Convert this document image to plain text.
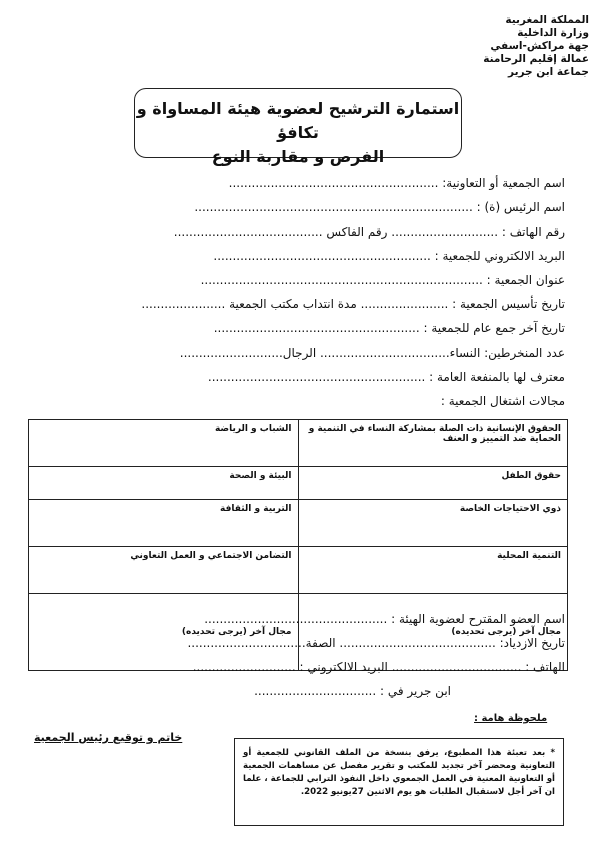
المملكة المغربية
وزارة الداخلية
جهة مراكش-اسفي
عمالة إقليم الرحامنة
جماعة ابن جرير
استمارة الترشيح لعضوية هيئة المساواة و تكافؤ
الفرص و مقاربة النوع
اسم الجمعية أو التعاونية: .......................................................
اسم الرئيس (ة) : .........................................................................
رقم الهاتف : ............................ رقم الفاكس .......................................
البريد الالكتروني للجمعية : .........................................................
عنوان الجمعية : ..........................................................................
تاريخ تأسيس الجمعية : ....................... مدة انتداب مكتب الجمعية ......................
تاريخ آخر جمع عام للجمعية : ......................................................
عدد المنخرطين: النساء.................................. الرجال...........................
معترف لها بالمنفعة العامة : .........................................................
مجالات اشتغال الجمعية :
الحقوق الإنسانية ذات الصلة بمشاركة النساء في التنمية و الحماية ضد التمييز و العنف	الشباب و الرياضة
حقوق الطفل	البيئة و الصحة
ذوي الاحتياجات الخاصة	التربية و الثقافة
التنمية المحلية	التضامن الاجتماعي و العمل التعاوني
مجال آخر (يرجى تحديده)	مجال آخر (يرجى تحديده)
اسم العضو المقترح لعضوية الهيئة : ................................................
تاريخ الازدياد: ......................................... الصفة...............................
الهاتف : .................................. البريد الالكتروني : ...........................
ابن جرير في : ................................
خاتم و توقيع رئيس الجمعية
ملحوظة هامة :
* بعد تعبئة هذا المطبوع، يرفق بنسخة من الملف القانوني للجمعية أو التعاونية ومحضر آخر تجديد للمكتب و تقرير مفصل عن مساهمات الجمعية أو التعاونية المعنية في العمل الجمعوي داخل النفوذ الترابي للجماعة ، علما ان آخر أجل لاستقبال الطلبات هو يوم الاثنين 27يونيو 2022.
